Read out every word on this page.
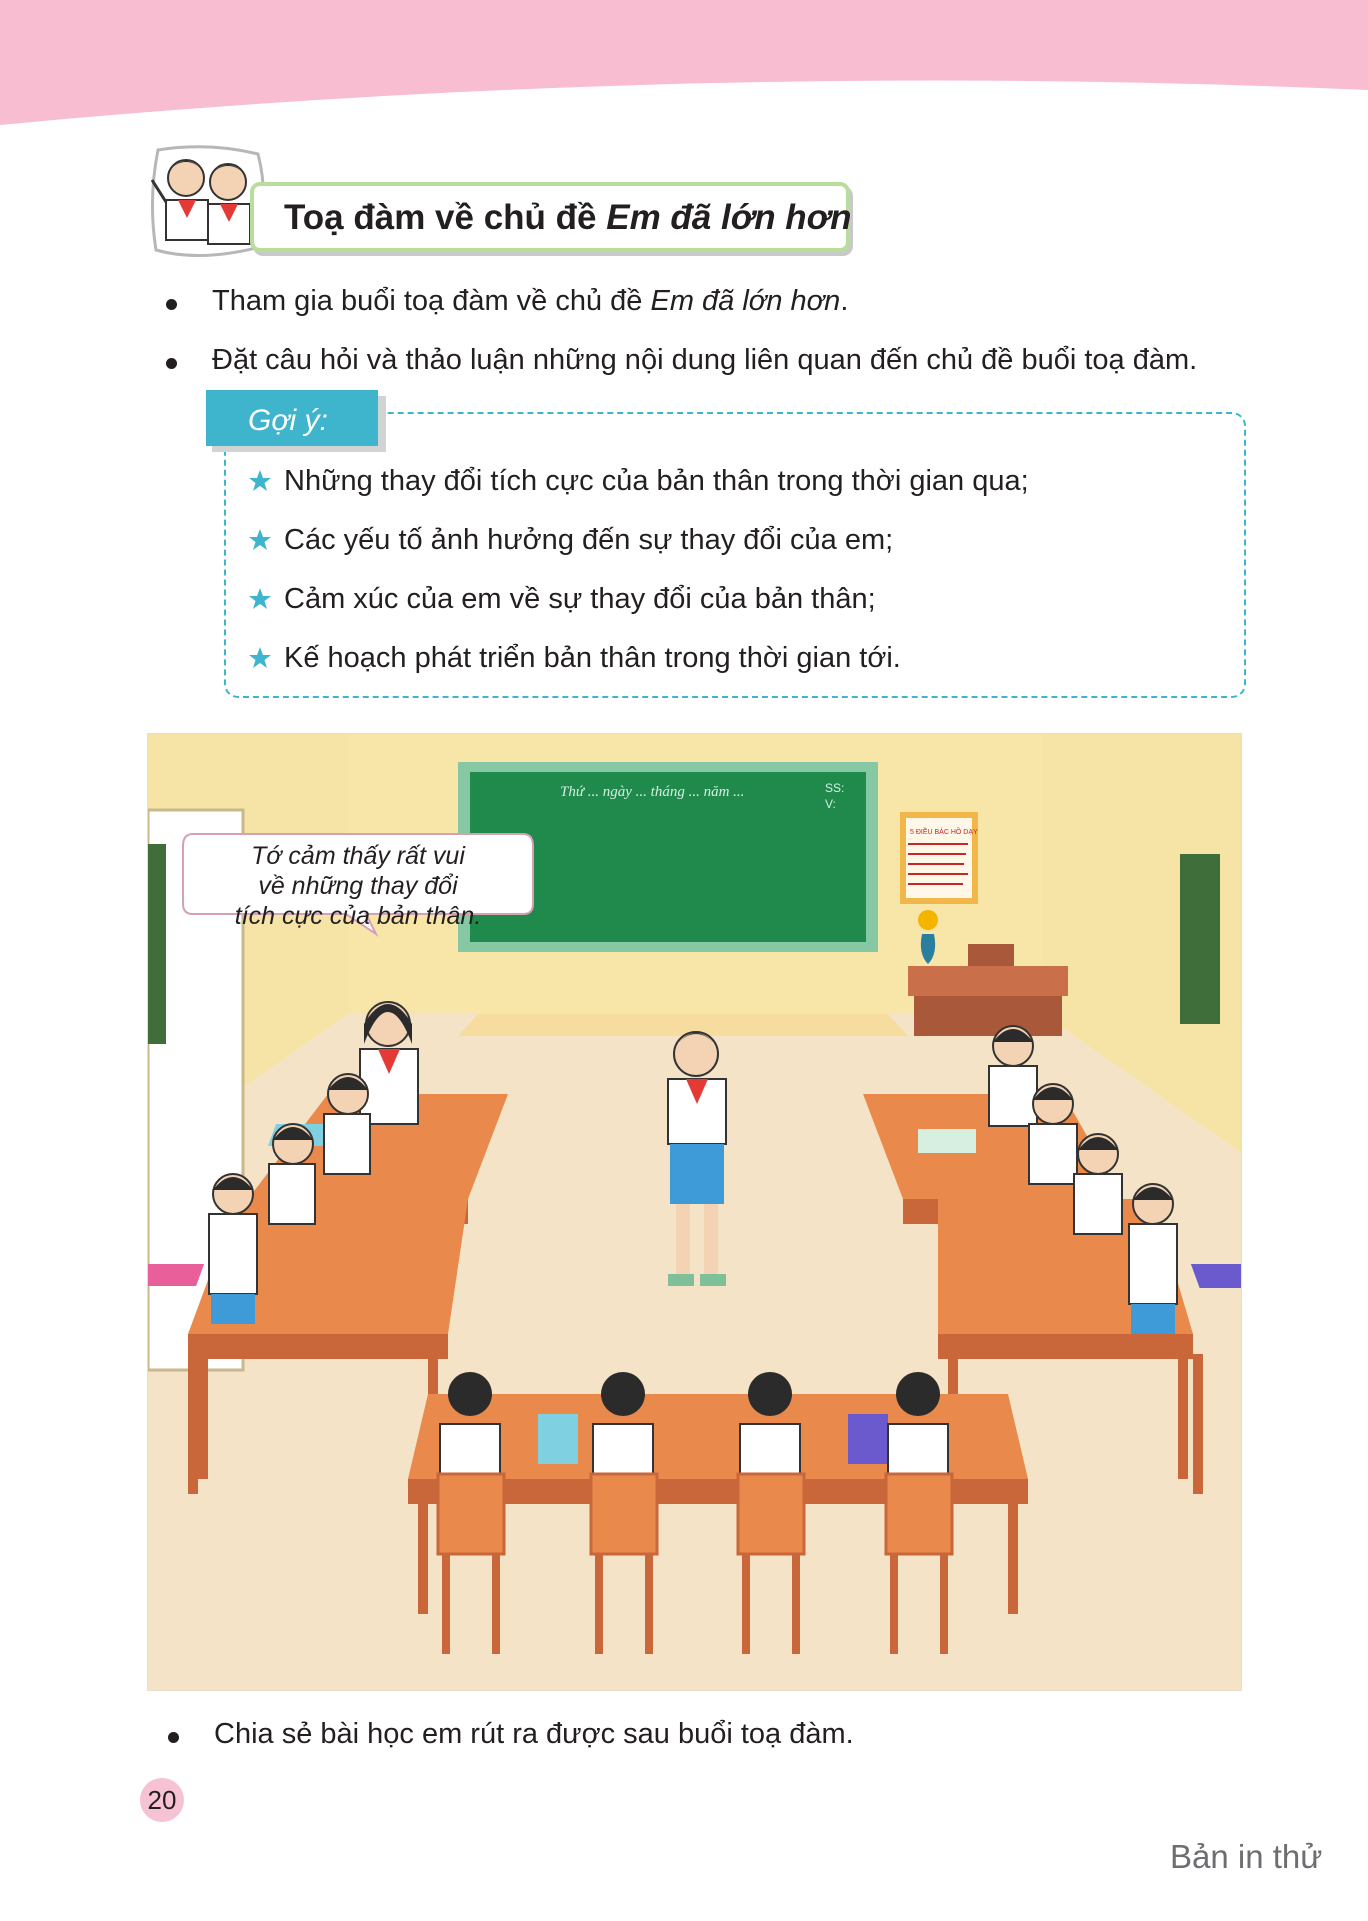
Toạ đàm về chủ đề Em đã lớn hơn
Tham gia buổi toạ đàm về chủ đề Em đã lớn hơn.
Đặt câu hỏi và thảo luận những nội dung liên quan đến chủ đề buổi toạ đàm.
Gợi ý:
Những thay đổi tích cực của bản thân trong thời gian qua;
Các yếu tố ảnh hưởng đến sự thay đổi của em;
Cảm xúc của em về sự thay đổi của bản thân;
Kế hoạch phát triển bản thân trong thời gian tới.
Thứ ... ngày ... tháng ... năm ...	SS:
V:
5 ĐIỀU BÁC HỒ DẠY
Tớ cảm thấy rất vui
về những thay đổi
tích cực của bản thân.
Chia sẻ bài học em rút ra được sau buổi toạ đàm.
20
Bản in thử
